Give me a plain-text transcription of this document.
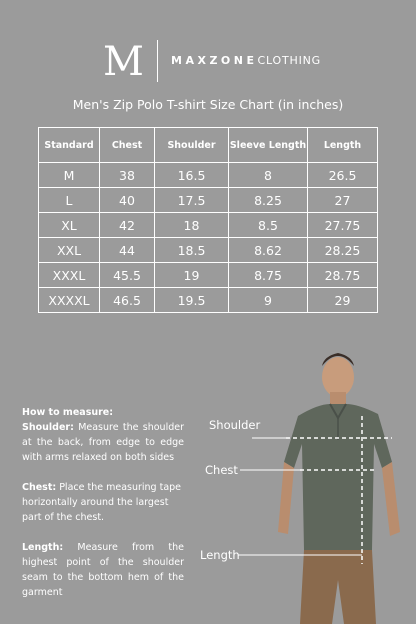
M	MAXZONECLOTHING
Men's Zip Polo T-shirt Size Chart (in inches)
Standard	Chest	Shoulder	Sleeve Length	Length
M	38	16.5	8	26.5
L	40	17.5	8.25	27
XL	42	18	8.5	27.75
XXL	44	18.5	8.62	28.25
XXXL	45.5	19	8.75	28.75
XXXXL	46.5	19.5	9	29
How to measure:

Shoulder: Measure the shoulder at the back, from edge to edge with arms relaxed on both sides

Chest: Place the measuring tape horizontally around the largest part of the chest.

Length: Measure from the highest point of the shoulder seam to the bottom hem of the garment

Shoulder
Chest
Length
